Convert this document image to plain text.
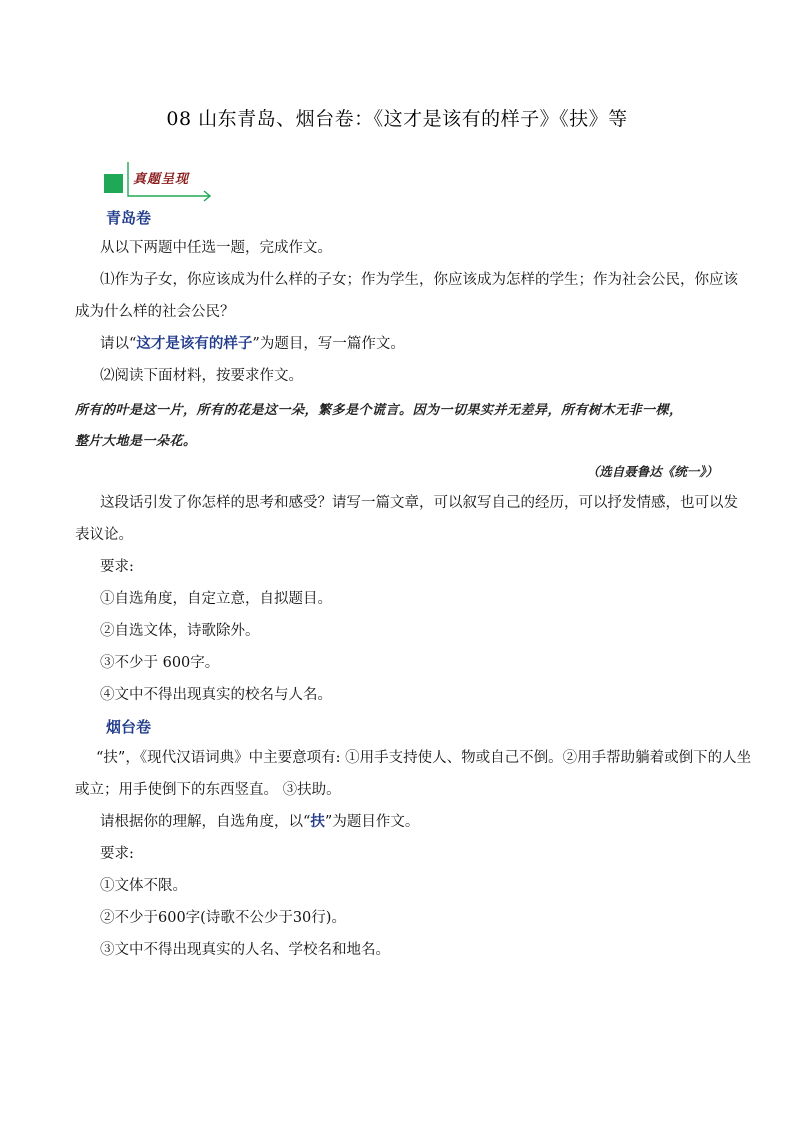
08 山东青岛、烟台卷：《这才是该有的样子》《扶》等
真题呈现
青岛卷
从以下两题中任选一题，完成作文。
⑴作为子女，你应该成为什么样的子女；作为学生，你应该成为怎样的学生；作为社会公民，你应该
成为什么样的社会公民？
请以“这才是该有的样子”为题目，写一篇作文。
⑵阅读下面材料，按要求作文。
所有的叶是这一片，所有的花是这一朵，繁多是个谎言。因为一切果实并无差异，所有树木无非一棵，
整片大地是一朵花。
（选自聂鲁达《统一》）
这段话引发了你怎样的思考和感受？请写一篇文章，可以叙写自己的经历，可以抒发情感，也可以发
表议论。
要求:
①自选角度，自定立意，自拟题目。
②自选文体，诗歌除外。
③不少于 600字。
④文中不得出现真实的校名与人名。
烟台卷
“扶”，《现代汉语词典》中主要意项有: ①用手支持使人、物或自己不倒。②用手帮助躺着或倒下的人坐
或立；用手使倒下的东西竖直。 ③扶助。
请根据你的理解，自选角度，以“扶”为题目作文。
要求:
①文体不限。
②不少于600字(诗歌不公少于30行)。
③文中不得出现真实的人名、学校名和地名。
